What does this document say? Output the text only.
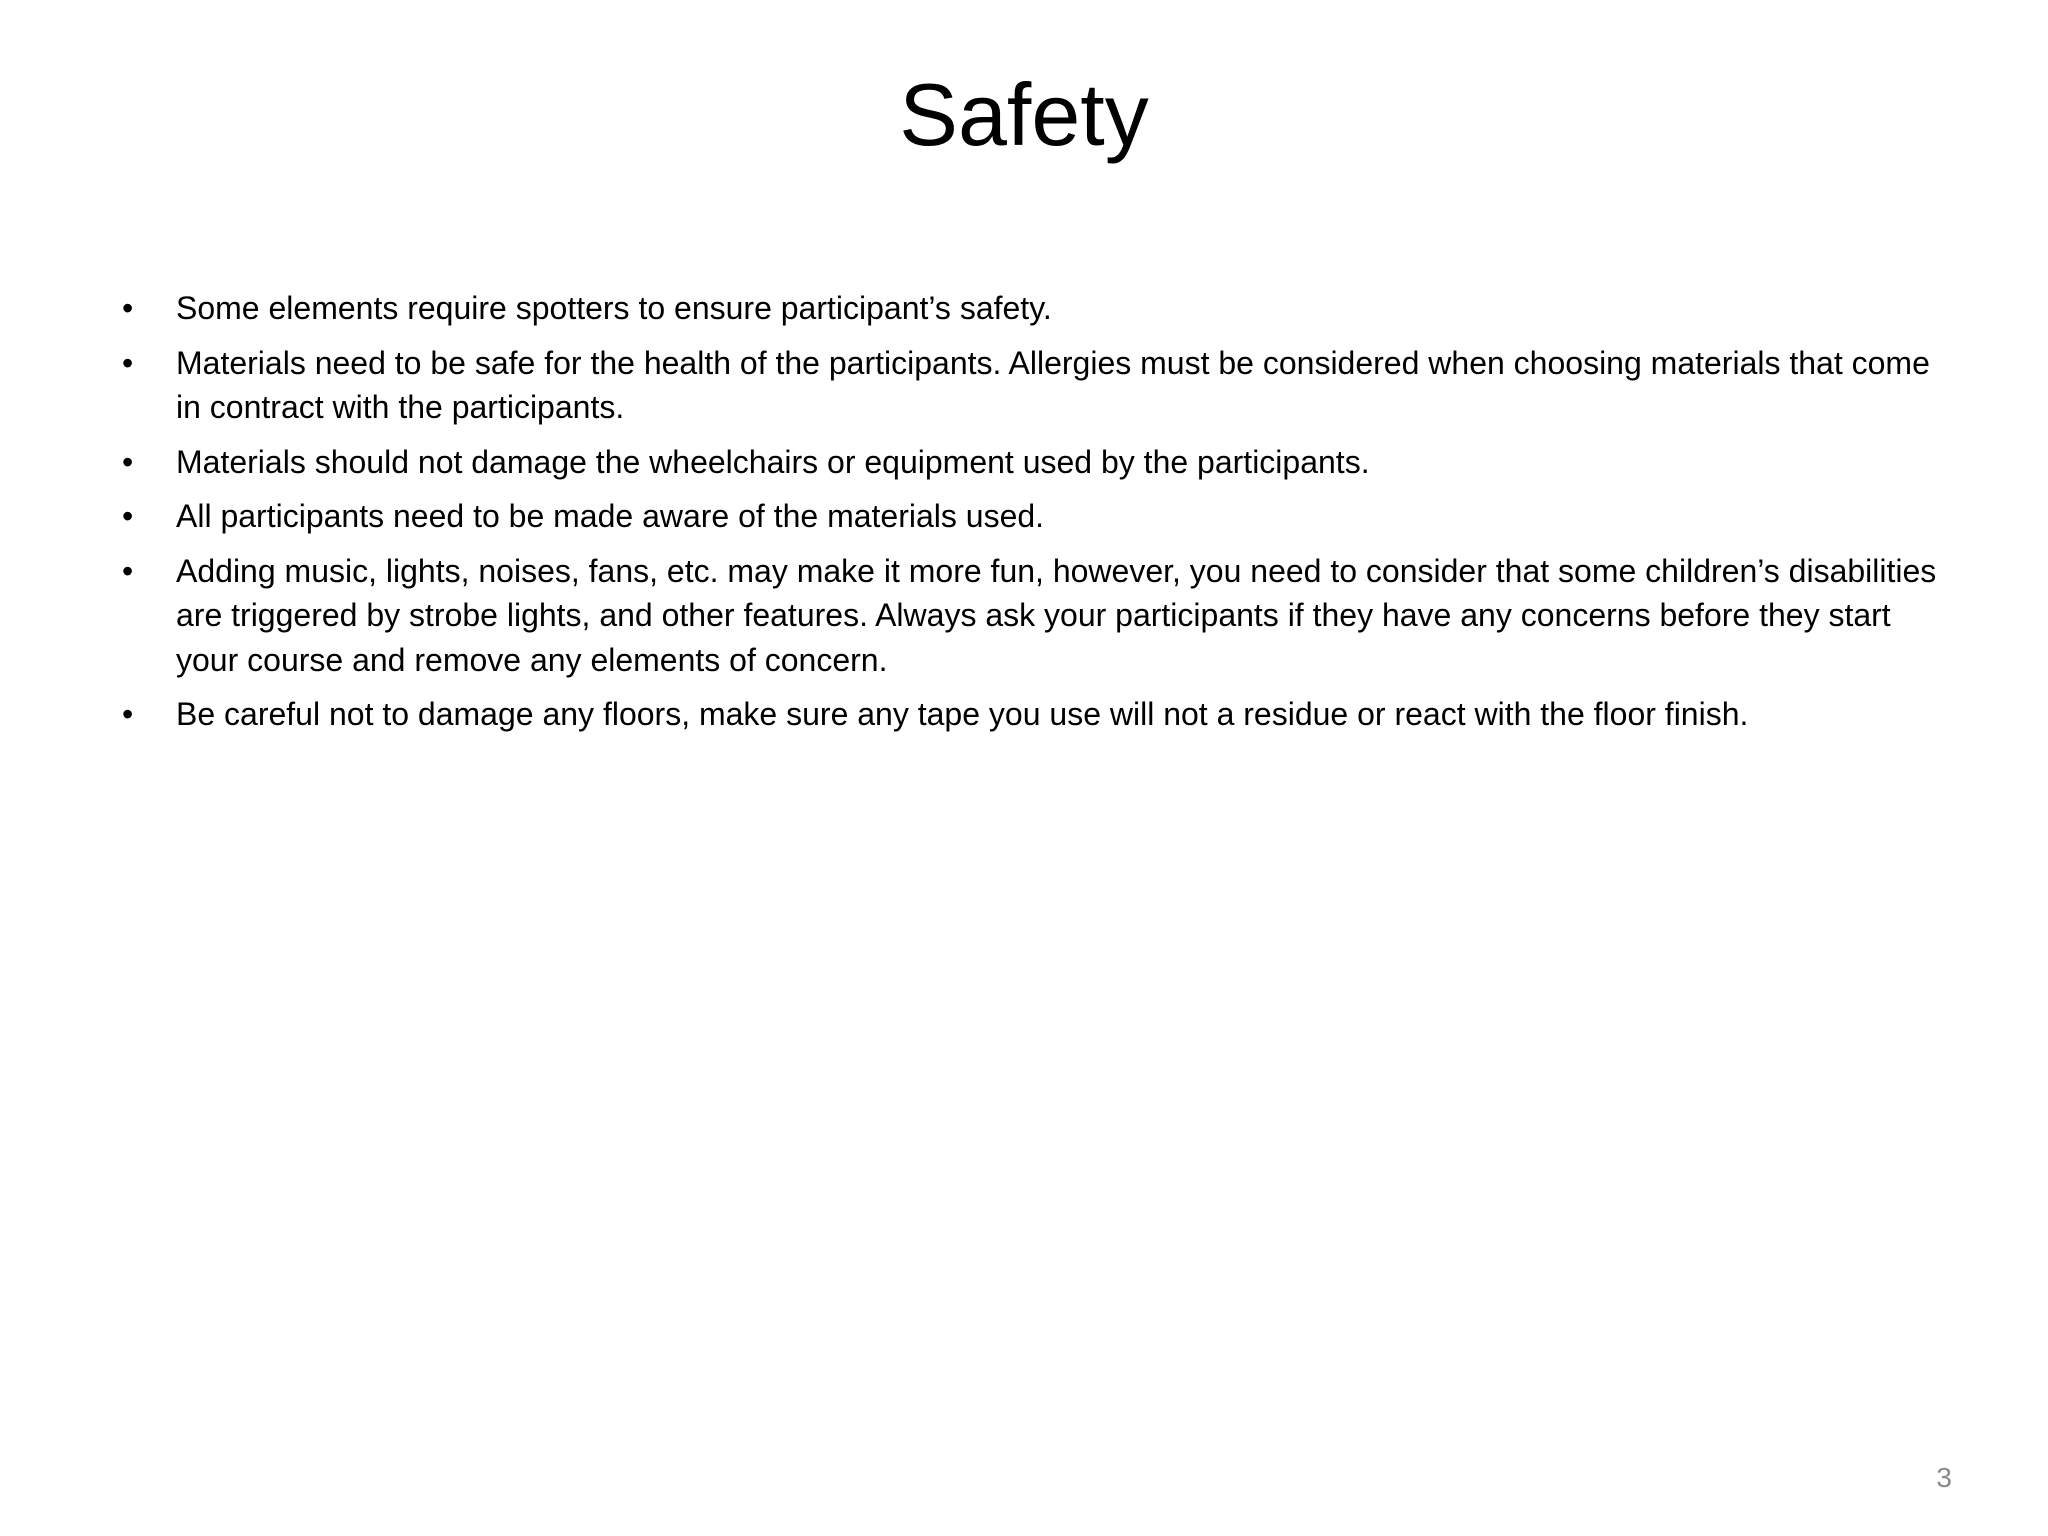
Safety
•	Some elements require spotters to ensure participant’s safety.
•	Materials need to be safe for the health of the participants. Allergies must be considered when choosing materials that come in contract with the participants.
•	Materials should not damage the wheelchairs or equipment used by the participants.
•	All participants need to be made aware of the materials used.
•	Adding music, lights, noises, fans, etc. may make it more fun, however, you need to consider that some children’s disabilities are triggered by strobe lights, and other features. Always ask your participants if they have any concerns before they start your course and remove any elements of concern.
•	Be careful not to damage any floors, make sure any tape you use will not a residue or react with the floor finish.
3
